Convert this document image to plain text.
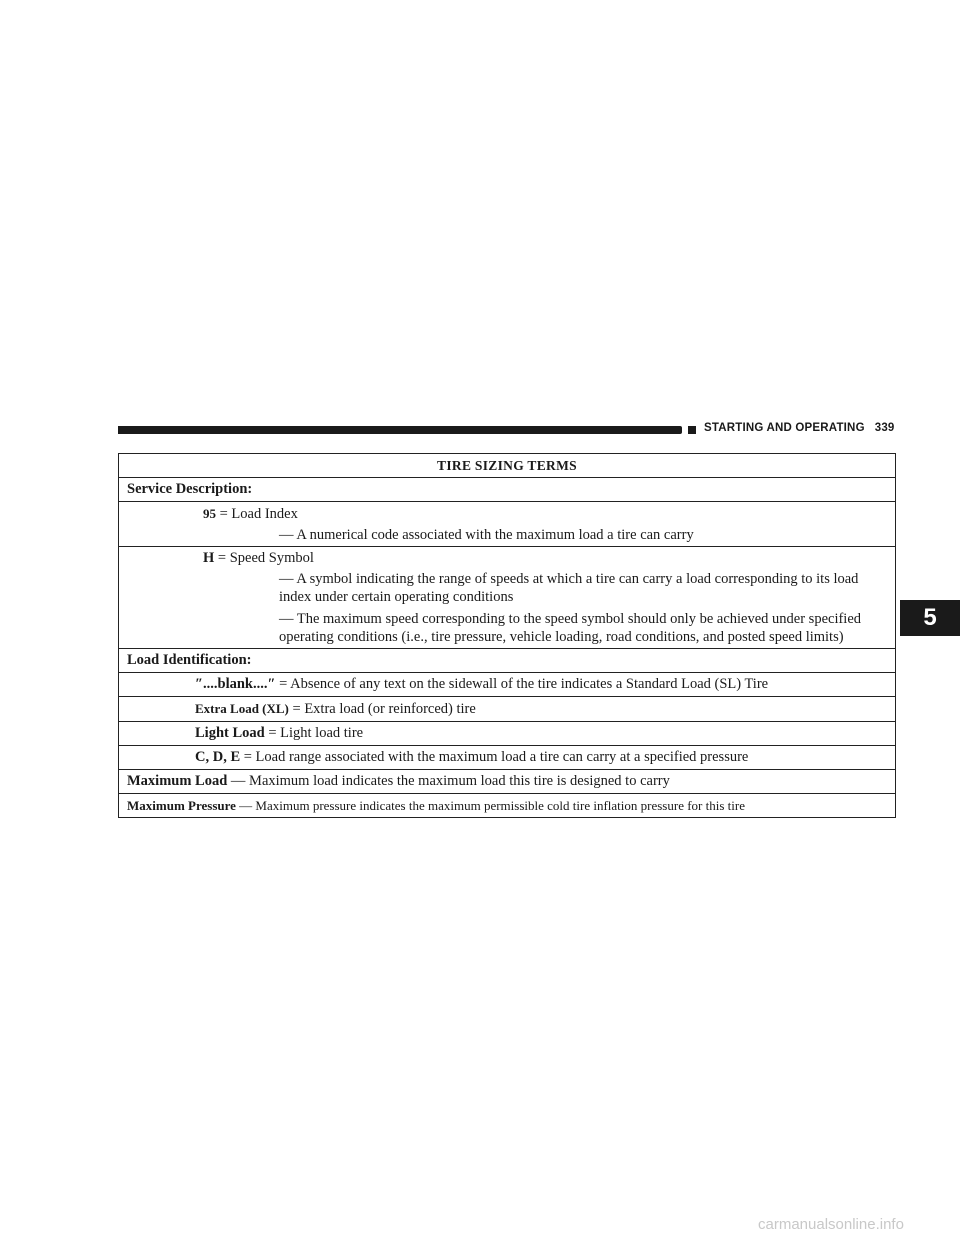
STARTING AND OPERATING 339
5
TIRE SIZING TERMS
Service Description:
95 = Load Index
— A numerical code associated with the maximum load a tire can carry
H = Speed Symbol
— A symbol indicating the range of speeds at which a tire can carry a load corresponding to its load index under certain operating conditions
— The maximum speed corresponding to the speed symbol should only be achieved under specified operating conditions (i.e., tire pressure, vehicle loading, road conditions, and posted speed limits)
Load Identification:
″....blank....″ = Absence of any text on the sidewall of the tire indicates a Standard Load (SL) Tire
Extra Load (XL) = Extra load (or reinforced) tire
Light Load = Light load tire
C, D, E = Load range associated with the maximum load a tire can carry at a specified pressure
Maximum Load — Maximum load indicates the maximum load this tire is designed to carry
Maximum Pressure — Maximum pressure indicates the maximum permissible cold tire inflation pressure for this tire
carmanualsonline.info
